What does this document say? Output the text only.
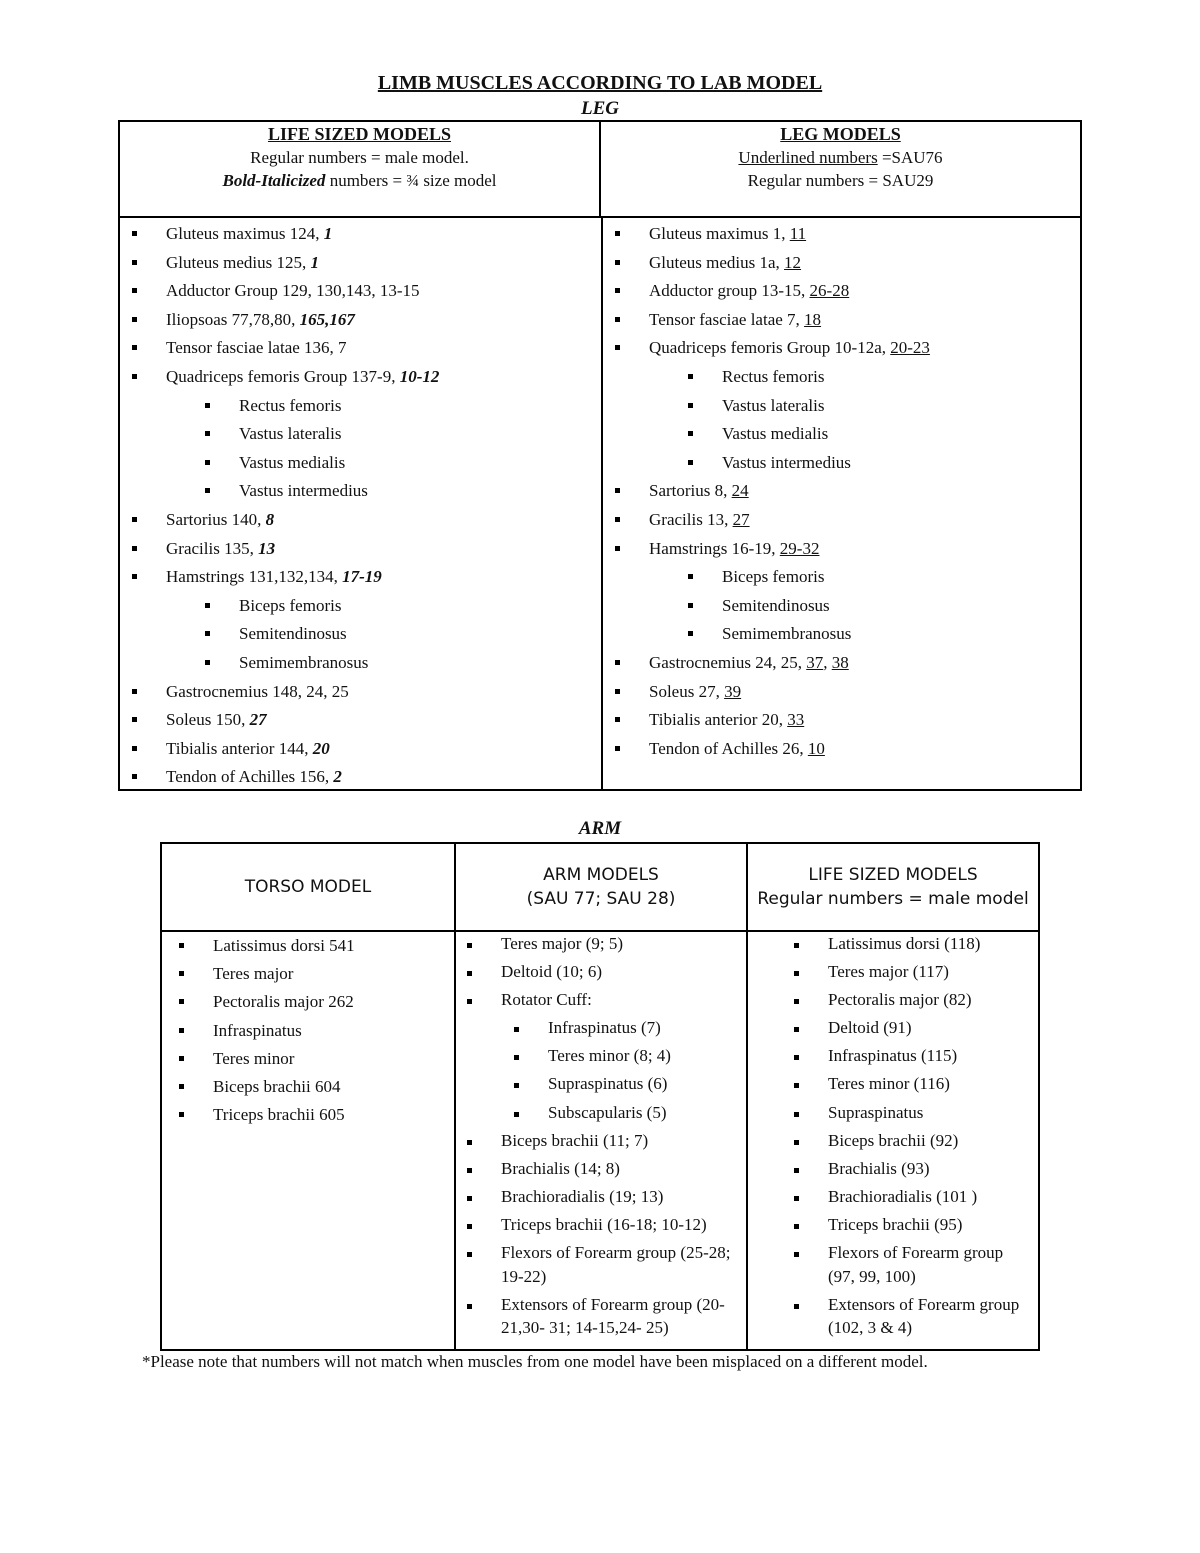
LIMB MUSCLES ACCORDING TO LAB MODEL
LEG
LIFE SIZED MODELS
Regular numbers = male model.
Bold-Italicized numbers = ¾ size model
LEG MODELS
Underlined numbers =SAU76
Regular numbers = SAU29
Gluteus maximus 124, 1
Gluteus medius 125, 1
Adductor Group 129, 130,143, 13-15
Iliopsoas 77,78,80, 165,167
Tensor fasciae latae 136, 7
Quadriceps femoris Group 137-9, 10-12
Rectus femoris
Vastus lateralis
Vastus medialis
Vastus intermedius
Sartorius 140, 8
Gracilis 135, 13
Hamstrings 131,132,134, 17-19
Biceps femoris
Semitendinosus
Semimembranosus
Gastrocnemius 148, 24, 25
Soleus 150, 27
Tibialis anterior 144, 20
Tendon of Achilles 156, 2
Gluteus maximus 1, 11
Gluteus medius 1a, 12
Adductor group 13-15, 26-28
Tensor fasciae latae 7, 18
Quadriceps femoris Group 10-12a, 20-23
Rectus femoris
Vastus lateralis
Vastus medialis
Vastus intermedius
Sartorius 8, 24
Gracilis 13, 27
Hamstrings 16-19, 29-32
Biceps femoris
Semitendinosus
Semimembranosus
Gastrocnemius 24, 25, 37, 38
Soleus 27, 39
Tibialis anterior 20, 33
Tendon of Achilles 26, 10
ARM
TORSO MODEL
Latissimus dorsi 541
Teres major
Pectoralis major 262
Infraspinatus
Teres minor
Biceps brachii 604
Triceps brachii 605
ARM MODELS
(SAU 77; SAU 28)
Teres major (9; 5)
Deltoid (10; 6)
Rotator Cuff:
Infraspinatus (7)
Teres minor (8; 4)
Supraspinatus (6)
Subscapularis (5)
Biceps brachii (11; 7)
Brachialis (14; 8)
Brachioradialis (19; 13)
Triceps brachii (16-18; 10-12)
Flexors of Forearm group (25-28; 19-22)
Extensors of Forearm group (20- 21,30- 31; 14-15,24- 25)
LIFE SIZED MODELS
Regular numbers = male model
Latissimus dorsi (118)
Teres major (117)
Pectoralis major (82)
Deltoid (91)
Infraspinatus (115)
Teres minor (116)
Supraspinatus
Biceps brachii (92)
Brachialis (93)
Brachioradialis (101 )
Triceps brachii (95)
Flexors of Forearm group (97, 99, 100)
Extensors of Forearm group (102, 3 & 4)
*Please note that numbers will not match when muscles from one model have been misplaced on a different model.
